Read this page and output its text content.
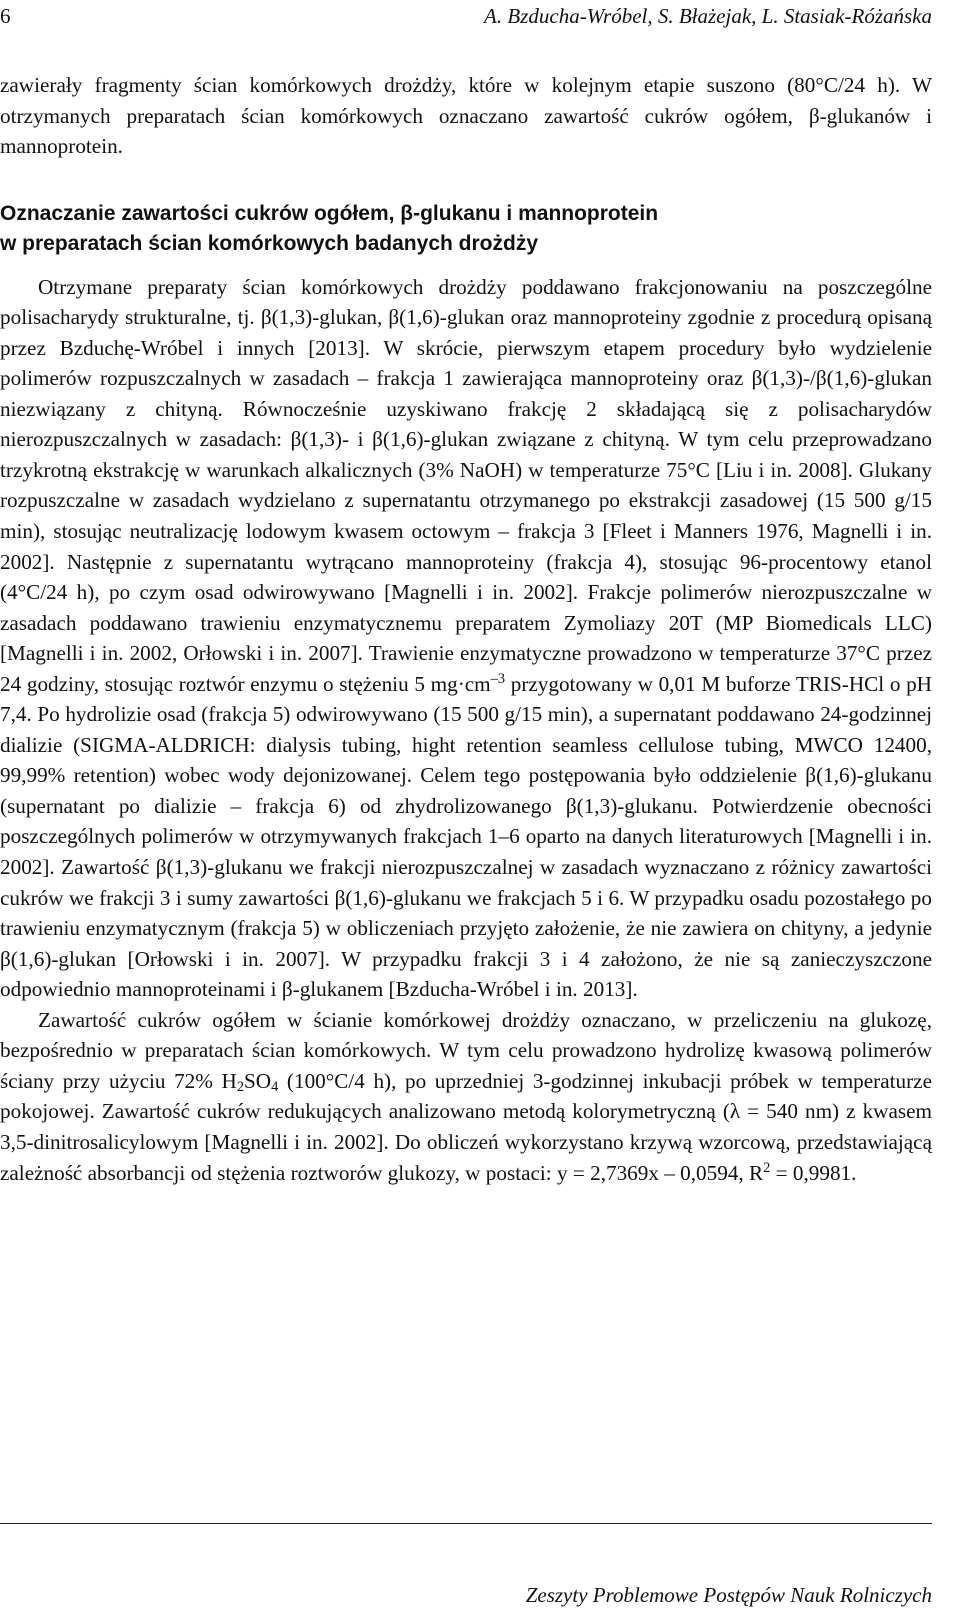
6	A. Bzducha-Wróbel, S. Błażejak, L. Stasiak-Różańska

zawierały fragmenty ścian komórkowych drożdży, które w kolejnym etapie suszono (80°C/24 h). W otrzymanych preparatach ścian komórkowych oznaczano zawartość cukrów ogółem, β-glukanów i mannoprotein.

Oznaczanie zawartości cukrów ogółem, β-glukanu i mannoprotein
w preparatach ścian komórkowych badanych drożdży

Otrzymane preparaty ścian komórkowych drożdży poddawano frakcjonowaniu na poszczególne polisacharydy strukturalne, tj. β(1,3)-glukan, β(1,6)-glukan oraz mannoproteiny zgodnie z procedurą opisaną przez Bzduchę-Wróbel i innych [2013]. W skrócie, pierwszym etapem procedury było wydzielenie polimerów rozpuszczalnych w zasadach – frakcja 1 zawierająca mannoproteiny oraz β(1,3)-/β(1,6)-glukan niezwiązany z chityną. Równocześnie uzyskiwano frakcję 2 składającą się z polisacharydów nierozpuszczalnych w zasadach: β(1,3)- i β(1,6)-glukan związane z chityną. W tym celu przeprowadzano trzykrotną ekstrakcję w warunkach alkalicznych (3% NaOH) w temperaturze 75°C [Liu i in. 2008]. Glukany rozpuszczalne w zasadach wydzielano z supernatantu otrzymanego po ekstrakcji zasadowej (15 500 g/15 min), stosując neutralizację lodowym kwasem octowym – frakcja 3 [Fleet i Manners 1976, Magnelli i in. 2002]. Następnie z supernatantu wytrącano mannoproteiny (frakcja 4), stosując 96-procentowy etanol (4°C/24 h), po czym osad odwirowywano [Magnelli i in. 2002]. Frakcje polimerów nierozpuszczalne w zasadach poddawano trawieniu enzymatycznemu preparatem Zymoliazy 20T (MP Biomedicals LLC) [Magnelli i in. 2002, Orłowski i in. 2007]. Trawienie enzymatyczne prowadzono w temperaturze 37°C przez 24 godziny, stosując roztwór enzymu o stężeniu 5 $mg\cdot cm^{-3}$ przygotowany w 0,01 M buforze TRIS-HCl o pH 7,4. Po hydrolizie osad (frakcja 5) odwirowywano (15 500 g/15 min), a supernatant poddawano 24-godzinnej dializie (SIGMA-ALDRICH: dialysis tubing, hight retention seamless cellulose tubing, MWCO 12400, 99,99% retention) wobec wody dejonizowanej. Celem tego postępowania było oddzielenie β(1,6)-glukanu (supernatant po dializie – frakcja 6) od zhydrolizowanego β(1,3)-glukanu. Potwierdzenie obecności poszczególnych polimerów w otrzymywanych frakcjach 1–6 oparto na danych literaturowych [Magnelli i in. 2002]. Zawartość β(1,3)-glukanu we frakcji nierozpuszczalnej w zasadach wyznaczano z różnicy zawartości cukrów we frakcji 3 i sumy zawartości β(1,6)-glukanu we frakcjach 5 i 6. W przypadku osadu pozostałego po trawieniu enzymatycznym (frakcja 5) w obliczeniach przyjęto założenie, że nie zawiera on chityny, a jedynie β(1,6)-glukan [Orłowski i in. 2007]. W przypadku frakcji 3 i 4 założono, że nie są zanieczyszczone odpowiednio mannoproteinami i β-glukanem [Bzducha-Wróbel i in. 2013].

Zawartość cukrów ogółem w ścianie komórkowej drożdży oznaczano, w przeliczeniu na glukozę, bezpośrednio w preparatach ścian komórkowych. W tym celu prowadzono hydrolizę kwasową polimerów ściany przy użyciu 72% $H_2SO_4$ (100°C/4 h), po uprzedniej 3-godzinnej inkubacji próbek w temperaturze pokojowej. Zawartość cukrów redukujących analizowano metodą kolorymetryczną (λ = 540 nm) z kwasem 3,5-dinitrosalicylowym [Magnelli i in. 2002]. Do obliczeń wykorzystano krzywą wzorcową, przedstawiającą zależność absorbancji od stężenia roztworów glukozy, w postaci: y = 2,7369x – 0,0594, $R^2 = 0,9981$.

Zeszyty Problemowe Postępów Nauk Rolniczych
